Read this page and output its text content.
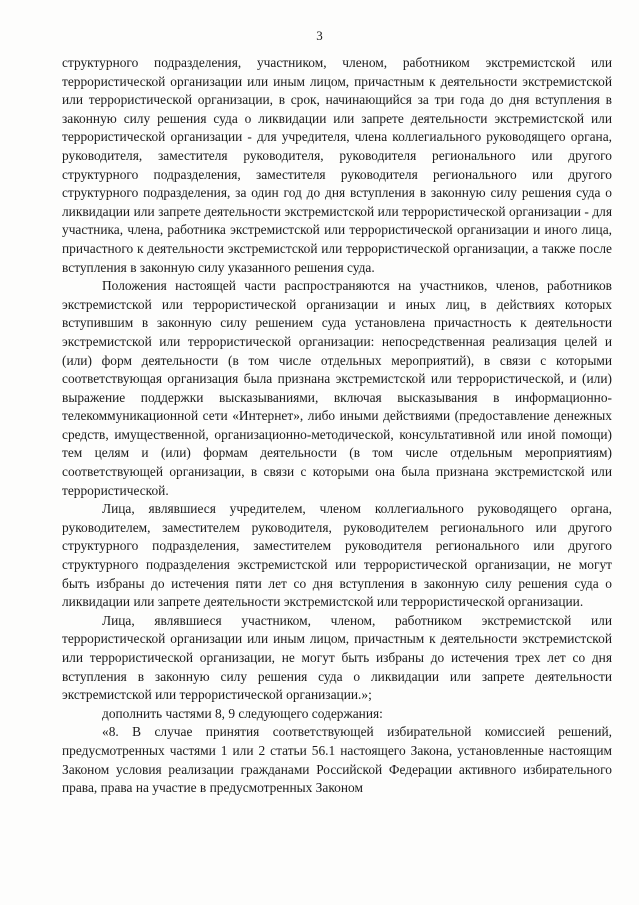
3

структурного подразделения, участником, членом, работником экстремистской или террористической организации или иным лицом, причастным к деятельности экстремистской или террористической организации, в срок, начинающийся за три года до дня вступления в законную силу решения суда о ликвидации или запрете деятельности экстремистской или террористической организации - для учредителя, члена коллегиального руководящего органа, руководителя, заместителя руководителя, руководителя регионального или другого структурного подразделения, заместителя руководителя регионального или другого структурного подразделения, за один год до дня вступления в законную силу решения суда о ликвидации или запрете деятельности экстремистской или террористической организации - для участника, члена, работника экстремистской или террористической организации и иного лица, причастного к деятельности экстремистской или террористической организации, а также после вступления в законную силу указанного решения суда.

Положения настоящей части распространяются на участников, членов, работников экстремистской или террористической организации и иных лиц, в действиях которых вступившим в законную силу решением суда установлена причастность к деятельности экстремистской или террористической организации: непосредственная реализация целей и (или) форм деятельности (в том числе отдельных мероприятий), в связи с которыми соответствующая организация была признана экстремистской или террористической, и (или) выражение поддержки высказываниями, включая высказывания в информационно-телекоммуникационной сети «Интернет», либо иными действиями (предоставление денежных средств, имущественной, организационно-методической, консультативной или иной помощи) тем целям и (или) формам деятельности (в том числе отдельным мероприятиям) соответствующей организации, в связи с которыми она была признана экстремистской или террористической.

Лица, являвшиеся учредителем, членом коллегиального руководящего органа, руководителем, заместителем руководителя, руководителем регионального или другого структурного подразделения, заместителем руководителя регионального или другого структурного подразделения экстремистской или террористической организации, не могут быть избраны до истечения пяти лет со дня вступления в законную силу решения суда о ликвидации или запрете деятельности экстремистской или террористической организации.

Лица, являвшиеся участником, членом, работником экстремистской или террористической организации или иным лицом, причастным к деятельности экстремистской или террористической организации, не могут быть избраны до истечения трех лет со дня вступления в законную силу решения суда о ликвидации или запрете деятельности экстремистской или террористической организации.»;

дополнить частями 8, 9 следующего содержания:

«8. В случае принятия соответствующей избирательной комиссией решений, предусмотренных частями 1 или 2 статьи 56.1 настоящего Закона, установленные настоящим Законом условия реализации гражданами Российской Федерации активного избирательного права, права на участие в предусмотренных Законом
